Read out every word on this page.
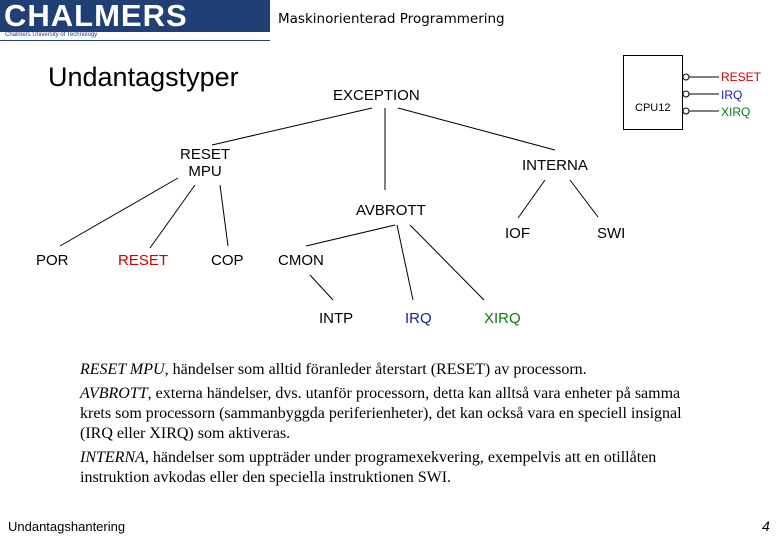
CHALMERS
Chalmers University of Technology
Maskinorienterad Programmering
Undantagstyper
EXCEPTION
RESET
MPU	INTERNA
AVBROTT
IOF	SWI
POR	RESET	COP CMON
INTP	IRQ	XIRQ
CPU12
RESET
IRQ
XIRQ

RESET MPU, händelser som alltid föranleder återstart (RESET) av processorn.

AVBROTT, externa händelser, dvs. utanför processorn, detta kan alltså vara enheter på samma krets som processorn (sammanbyggda periferienheter), det kan också vara en speciell insignal (IRQ eller XIRQ) som aktiveras.

INTERNA, händelser som uppträder under programexekvering, exempelvis att en otillåten instruktion avkodas eller den speciella instruktionen SWI.

Undantagshantering	4
